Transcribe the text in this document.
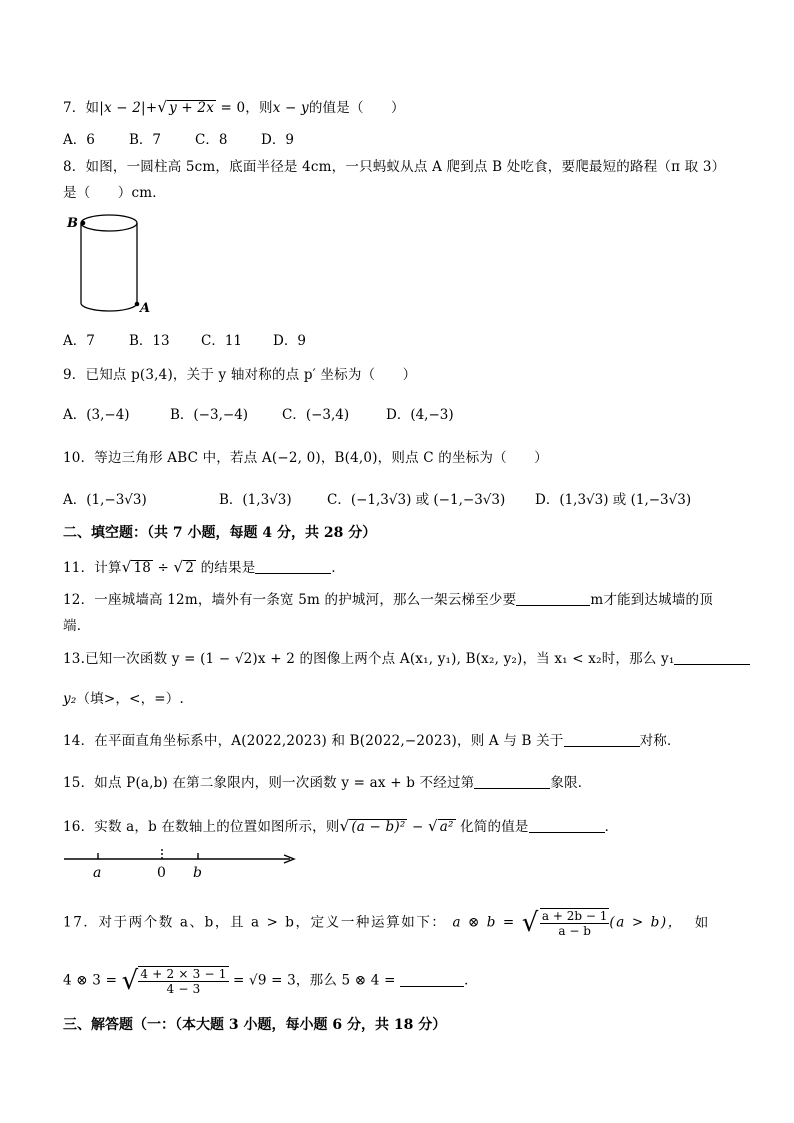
7．如|x − 2|+√ y + 2x = 0，则x − y的值是（　　）
A．6	B．7	C．8 D．9
8．如图，一圆柱高 5cm，底面半径是 4cm，一只蚂蚁从点 A 爬到点 B 处吃食，要爬最短的路程（π 取 3）
是（　　）cm．
B
A
A．7	B．13 C．11 D．9
9．已知点 p(3,4)，关于 y 轴对称的点 p′ 坐标为（　　）
A．(3,−4)	B．(−3,−4)	C．(−3,4)	D．(4,−3)
10．等边三角形 ABC 中，若点 A(−2, 0)，B(4,0)，则点 C 的坐标为（　　）
A．(1,−3√3)	B．(1,3√3)	C．(−1,3√3) 或 (−1,−3√3) D．(1,3√3) 或 (1,−3√3)
二、填空题：（共 7 小题，每题 4 分，共 28 分）
11．计算√ 18 ÷ √ 2 的结果是	．
12．一座城墙高 12m，墙外有一条宽 5m 的护城河，那么一架云梯至少要	m才能到达城墙的顶
端．
13.已知一次函数 y = (1 − √2)x + 2 的图像上两个点 A(x₁, y₁), B(x₂, y₂)，当 x₁ < x₂时，那么 y₁
y₂（填>，<，=）.
14．在平面直角坐标系中，A(2022,2023) 和 B(2022,−2023)，则 A 与 B 关于	对称．
15．如点 P(a,b) 在第二象限内，则一次函数 y = ax + b 不经过第	象限．
16．实数 a，b 在数轴上的位置如图所示，则√ (a − b)² − √ a² 化简的值是	．
a	0 b
17．对于两个数 a、b，且 a > b，定义一种运算如下： a ⊗ b = √ $\frac{a + 2b - 1}{a - b} (a > b)$， 如
4 ⊗ 3 = √ $\frac{4 + 2 \times 3 - 1}{4 - 3} = √9 = 3$，那么 5 ⊗ 4 =	．
三、解答题（一：（本大题 3 小题，每小题 6 分，共 18 分）
